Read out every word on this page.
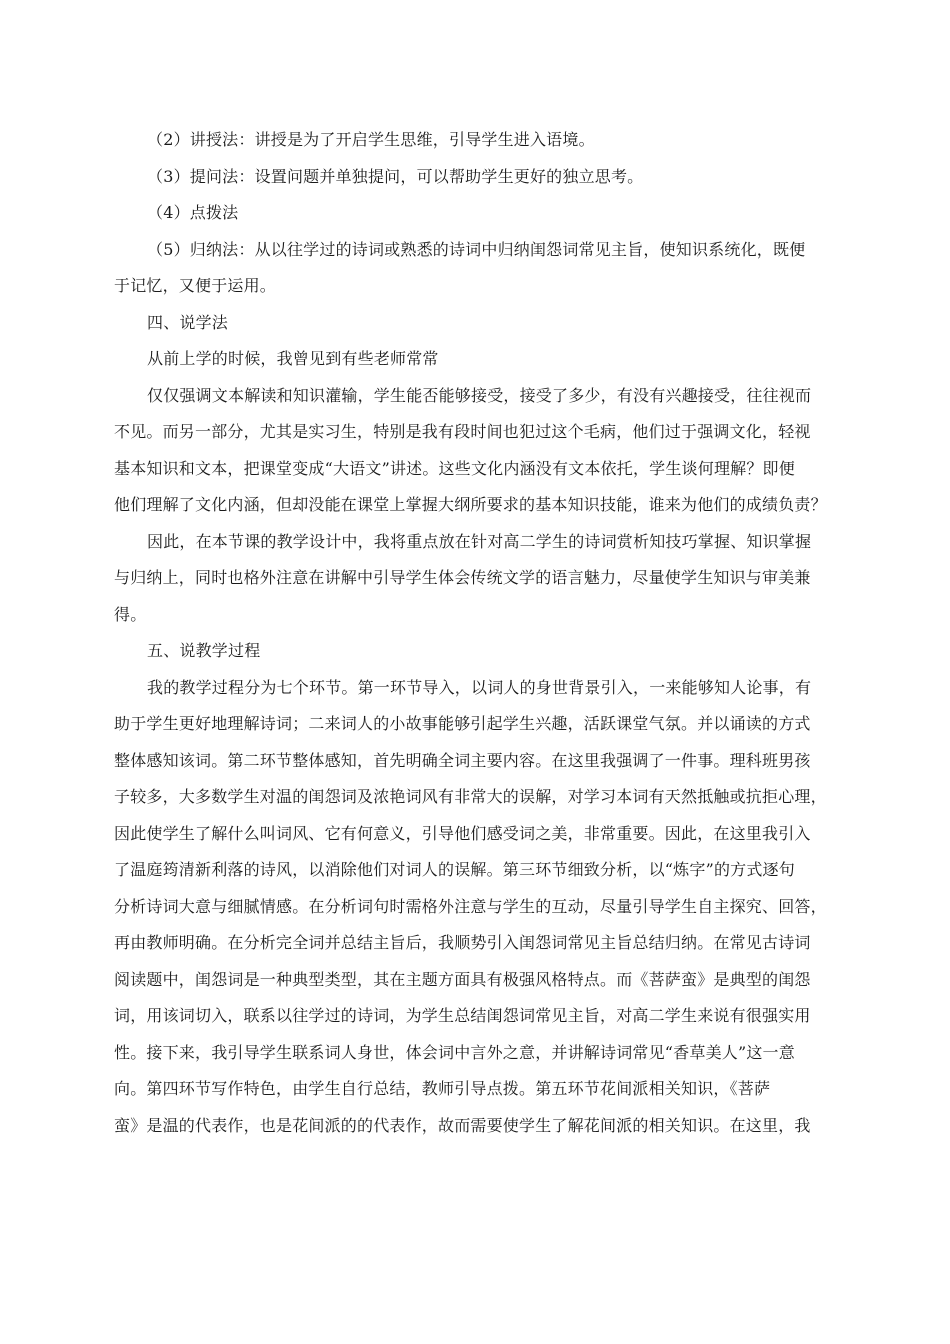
（2）讲授法：讲授是为了开启学生思维，引导学生进入语境。
（3）提问法：设置问题并单独提问，可以帮助学生更好的独立思考。
（4）点拨法
（5）归纳法：从以往学过的诗词或熟悉的诗词中归纳闺怨词常见主旨，使知识系统化，既便
于记忆，又便于运用。
四、说学法
从前上学的时候，我曾见到有些老师常常
仅仅强调文本解读和知识灌输，学生能否能够接受，接受了多少，有没有兴趣接受，往往视而
不见。而另一部分，尤其是实习生，特别是我有段时间也犯过这个毛病，他们过于强调文化，轻视
基本知识和文本，把课堂变成“大语文”讲述。这些文化内涵没有文本依托，学生谈何理解？即便
他们理解了文化内涵，但却没能在课堂上掌握大纲所要求的基本知识技能，谁来为他们的成绩负责？
因此，在本节课的教学设计中，我将重点放在针对高二学生的诗词赏析知技巧掌握、知识掌握
与归纳上，同时也格外注意在讲解中引导学生体会传统文学的语言魅力，尽量使学生知识与审美兼
得。
五、说教学过程
我的教学过程分为七个环节。第一环节导入，以词人的身世背景引入，一来能够知人论事，有
助于学生更好地理解诗词；二来词人的小故事能够引起学生兴趣，活跃课堂气氛。并以诵读的方式
整体感知该词。第二环节整体感知，首先明确全词主要内容。在这里我强调了一件事。理科班男孩
子较多，大多数学生对温的闺怨词及浓艳词风有非常大的误解，对学习本词有天然抵触或抗拒心理，
因此使学生了解什么叫词风、它有何意义，引导他们感受词之美，非常重要。因此，在这里我引入
了温庭筠清新利落的诗风，以消除他们对词人的误解。第三环节细致分析，以“炼字”的方式逐句
分析诗词大意与细腻情感。在分析词句时需格外注意与学生的互动，尽量引导学生自主探究、回答，
再由教师明确。在分析完全词并总结主旨后，我顺势引入闺怨词常见主旨总结归纳。在常见古诗词
阅读题中，闺怨词是一种典型类型，其在主题方面具有极强风格特点。而《菩萨蛮》是典型的闺怨
词，用该词切入，联系以往学过的诗词，为学生总结闺怨词常见主旨，对高二学生来说有很强实用
性。接下来，我引导学生联系词人身世，体会词中言外之意，并讲解诗词常见“香草美人”这一意
向。第四环节写作特色，由学生自行总结，教师引导点拨。第五环节花间派相关知识，《菩萨
蛮》是温的代表作，也是花间派的的代表作，故而需要使学生了解花间派的相关知识。在这里，我
